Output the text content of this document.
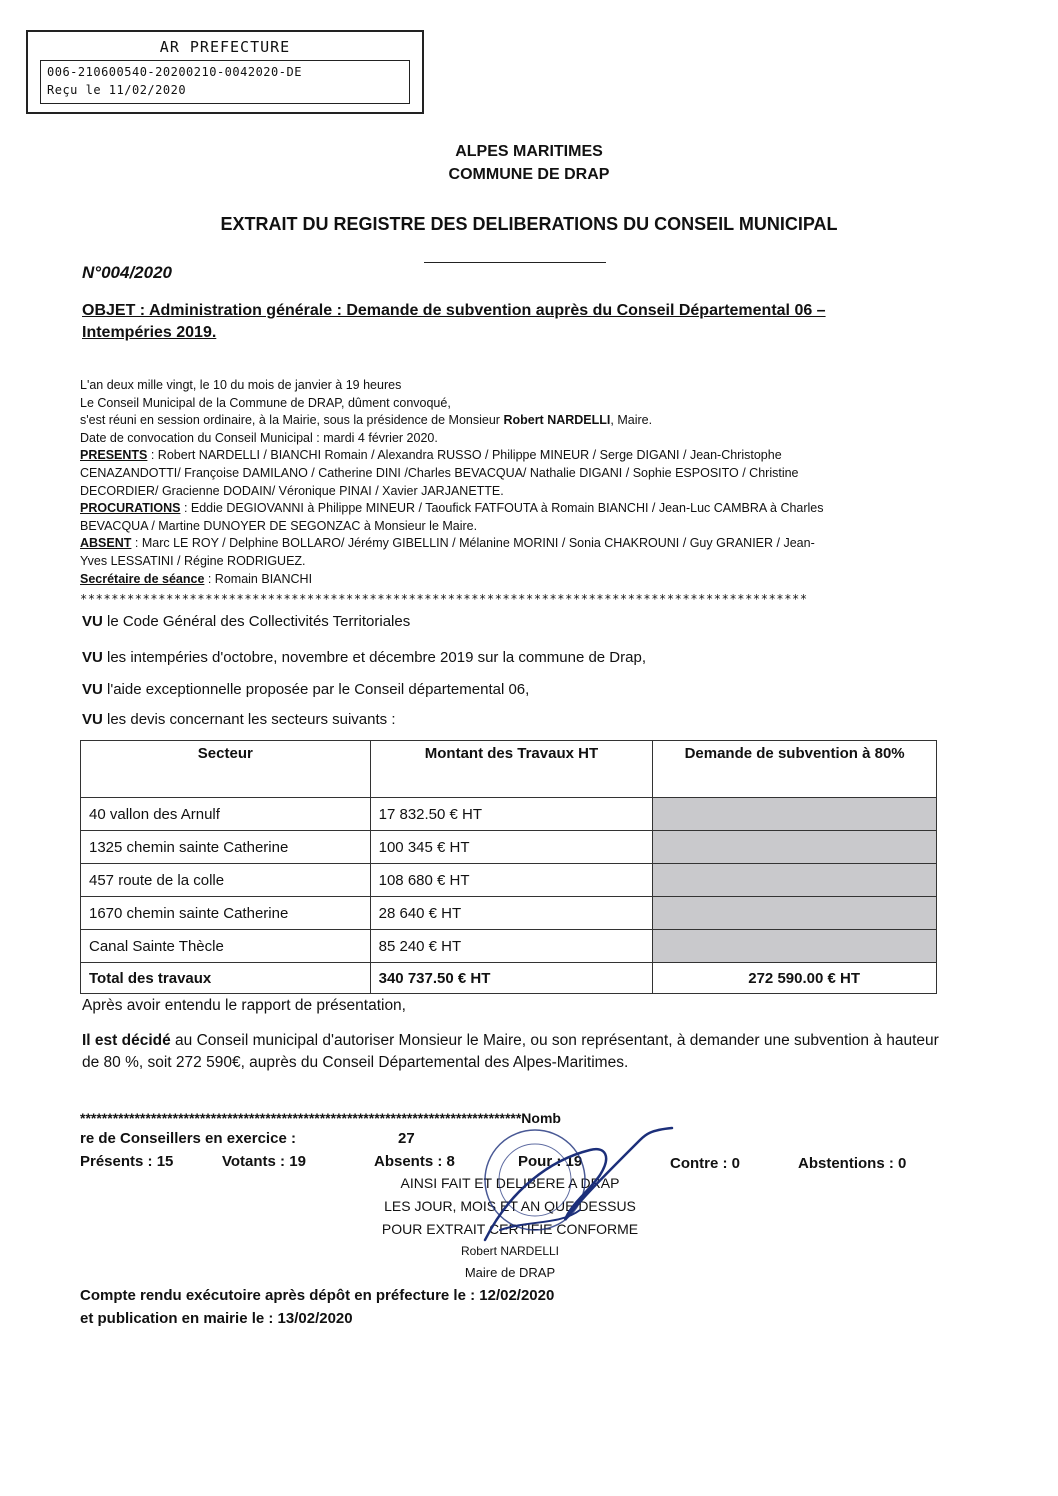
AR PREFECTURE
006-210600540-20200210-0042020-DE
Reçu le 11/02/2020
ALPES MARITIMES
COMMUNE DE DRAP
EXTRAIT DU REGISTRE DES DELIBERATIONS DU CONSEIL MUNICIPAL
N°004/2020
OBJET : Administration générale : Demande de subvention auprès du Conseil Départemental 06 –
Intempéries 2019.
L'an deux mille vingt, le 10 du mois de janvier à 19 heures
Le Conseil Municipal de la Commune de DRAP, dûment convoqué,
s'est réuni en session ordinaire, à la Mairie, sous la présidence de Monsieur Robert NARDELLI, Maire.
Date de convocation du Conseil Municipal : mardi 4 février 2020.
PRESENTS : Robert NARDELLI / BIANCHI Romain / Alexandra RUSSO / Philippe MINEUR / Serge DIGANI / Jean-Christophe
CENAZANDOTTI/ Françoise DAMILANO / Catherine DINI /Charles BEVACQUA/ Nathalie DIGANI / Sophie ESPOSITO / Christine
DECORDIER/ Gracienne DODAIN/ Véronique PINAI / Xavier JARJANETTE.
PROCURATIONS : Eddie DEGIOVANNI à Philippe MINEUR / Taoufick FATFOUTA à Romain BIANCHI / Jean-Luc CAMBRA à Charles
BEVACQUA / Martine DUNOYER DE SEGONZAC à Monsieur le Maire.
ABSENT : Marc LE ROY / Delphine BOLLARO/ Jérémy GIBELLIN / Mélanine MORINI / Sonia CHAKROUNI / Guy GRANIER / Jean-
Yves LESSATINI / Régine RODRIGUEZ.
Secrétaire de séance : Romain BIANCHI
*********************************************************************************************
VU le Code Général des Collectivités Territoriales
VU les intempéries d'octobre, novembre et décembre 2019 sur la commune de Drap,
VU l'aide exceptionnelle proposée par le Conseil départemental 06,
VU les devis concernant les secteurs suivants :
Secteur	Montant des Travaux HT	Demande de subvention à 80%
40 vallon des Arnulf	17 832.50 € HT	
1325 chemin sainte Catherine	100 345 € HT	
457 route de la colle	108 680 € HT	
1670 chemin sainte Catherine	28 640 € HT	
Canal Sainte Thècle	85 240 € HT	
Total des travaux	340 737.50 € HT	272 590.00 € HT
Après avoir entendu le rapport de présentation,
Il est décidé au Conseil municipal d'autoriser Monsieur le Maire, ou son représentant, à demander une subvention à hauteur de 80 %, soit 272 590€, auprès du Conseil Départemental des Alpes-Maritimes.
*********************************************************************************Nomb
re de Conseillers en exercice :	27
Présents : 15	Votants : 19	Absents : 8	Pour : 19	Contre : 0	Abstentions : 0
AINSI FAIT ET DELIBERE A DRAP
LES JOUR, MOIS ET AN QUE DESSUS
POUR EXTRAIT CERTIFIE CONFORME
Robert NARDELLI
Maire de DRAP
Compte rendu exécutoire après dépôt en préfecture le : 12/02/2020
et publication en mairie le : 13/02/2020
